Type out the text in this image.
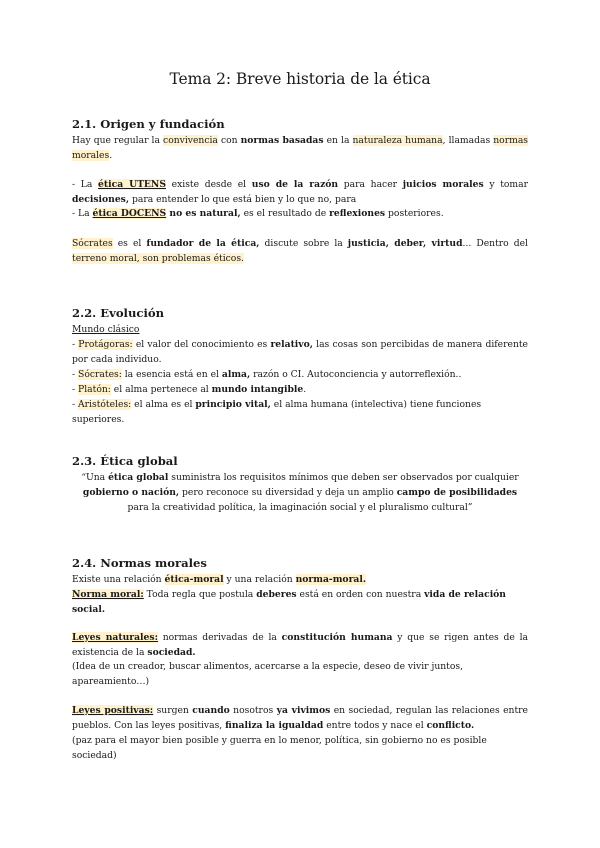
Tema 2: Breve historia de la ética
2.1. Origen y fundación
Hay que regular la convivencia con normas basadas en la naturaleza humana, llamadas normas morales.
- La ética UTENS existe desde el uso de la razón para hacer juicios morales y tomar decisiones, para entender lo que está bien y lo que no, para
- La ética DOCENS no es natural, es el resultado de reflexiones posteriores.
Sócrates es el fundador de la ética, discute sobre la justicia, deber, virtud... Dentro del terreno moral, son problemas éticos.
2.2. Evolución
Mundo clásico
- Protágoras: el valor del conocimiento es relativo, las cosas son percibidas de manera diferente por cada individuo.
- Sócrates: la esencia está en el alma, razón o CI. Autoconciencia y autorreflexión..
- Platón: el alma pertenece al mundo intangible.
- Aristóteles: el alma es el principio vital, el alma humana (intelectiva) tiene funciones superiores.
2.3. Ética global
“Una ética global suministra los requisitos mínimos que deben ser observados por cualquier gobierno o nación, pero reconoce su diversidad y deja un amplio campo de posibilidades para la creatividad política, la imaginación social y el pluralismo cultural”
2.4. Normas morales
Existe una relación ética-moral y una relación norma-moral.
Norma moral: Toda regla que postula deberes está en orden con nuestra vida de relación social.
Leyes naturales: normas derivadas de la constitución humana y que se rigen antes de la existencia de la sociedad.
(Idea de un creador, buscar alimentos, acercarse a la especie, deseo de vivir juntos, apareamiento…)
Leyes positivas: surgen cuando nosotros ya vivimos en sociedad, regulan las relaciones entre pueblos. Con las leyes positivas, finaliza la igualdad entre todos y nace el conflicto.
(paz para el mayor bien posible y guerra en lo menor, política, sin gobierno no es posible sociedad)
